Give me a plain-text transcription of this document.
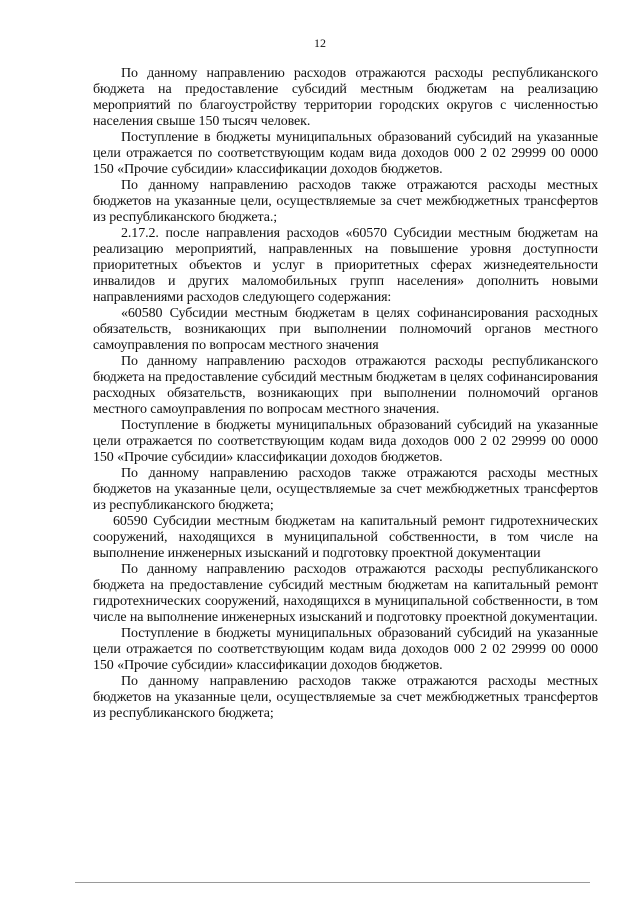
12

По данному направлению расходов отражаются расходы республиканского бюджета на предоставление субсидий местным бюджетам на реализацию мероприятий по благоустройству территории городских округов с численностью населения свыше 150 тысяч человек.

Поступление в бюджеты муниципальных образований субсидий на указанные цели отражается по соответствующим кодам вида доходов 000 2 02 29999 00 0000 150 «Прочие субсидии» классификации доходов бюджетов.

По данному направлению расходов также отражаются расходы местных бюджетов на указанные цели, осуществляемые за счет межбюджетных трансфертов из республиканского бюджета.;

2.17.2. после направления расходов «60570 Субсидии местным бюджетам на реализацию мероприятий, направленных на повышение уровня доступности приоритетных объектов и услуг в приоритетных сферах жизнедеятельности инвалидов и других маломобильных групп населения» дополнить новыми направлениями расходов следующего содержания:

«60580 Субсидии местным бюджетам в целях софинансирования расходных обязательств, возникающих при выполнении полномочий органов местного самоуправления по вопросам местного значения

По данному направлению расходов отражаются расходы республиканского бюджета на предоставление субсидий местным бюджетам в целях софинансирования расходных обязательств, возникающих при выполнении полномочий органов местного самоуправления по вопросам местного значения.

Поступление в бюджеты муниципальных образований субсидий на указанные цели отражается по соответствующим кодам вида доходов 000 2 02 29999 00 0000 150 «Прочие субсидии» классификации доходов бюджетов.

По данному направлению расходов также отражаются расходы местных бюджетов на указанные цели, осуществляемые за счет межбюджетных трансфертов из республиканского бюджета;

60590 Субсидии местным бюджетам на капитальный ремонт гидротехнических сооружений, находящихся в муниципальной собственности, в том числе на выполнение инженерных изысканий и подготовку проектной документации

По данному направлению расходов отражаются расходы республиканского бюджета на предоставление субсидий местным бюджетам на капитальный ремонт гидротехнических сооружений, находящихся в муниципальной собственности, в том числе на выполнение инженерных изысканий и подготовку проектной документации.

Поступление в бюджеты муниципальных образований субсидий на указанные цели отражается по соответствующим кодам вида доходов 000 2 02 29999 00 0000 150 «Прочие субсидии» классификации доходов бюджетов.

По данному направлению расходов также отражаются расходы местных бюджетов на указанные цели, осуществляемые за счет межбюджетных трансфертов из республиканского бюджета;
